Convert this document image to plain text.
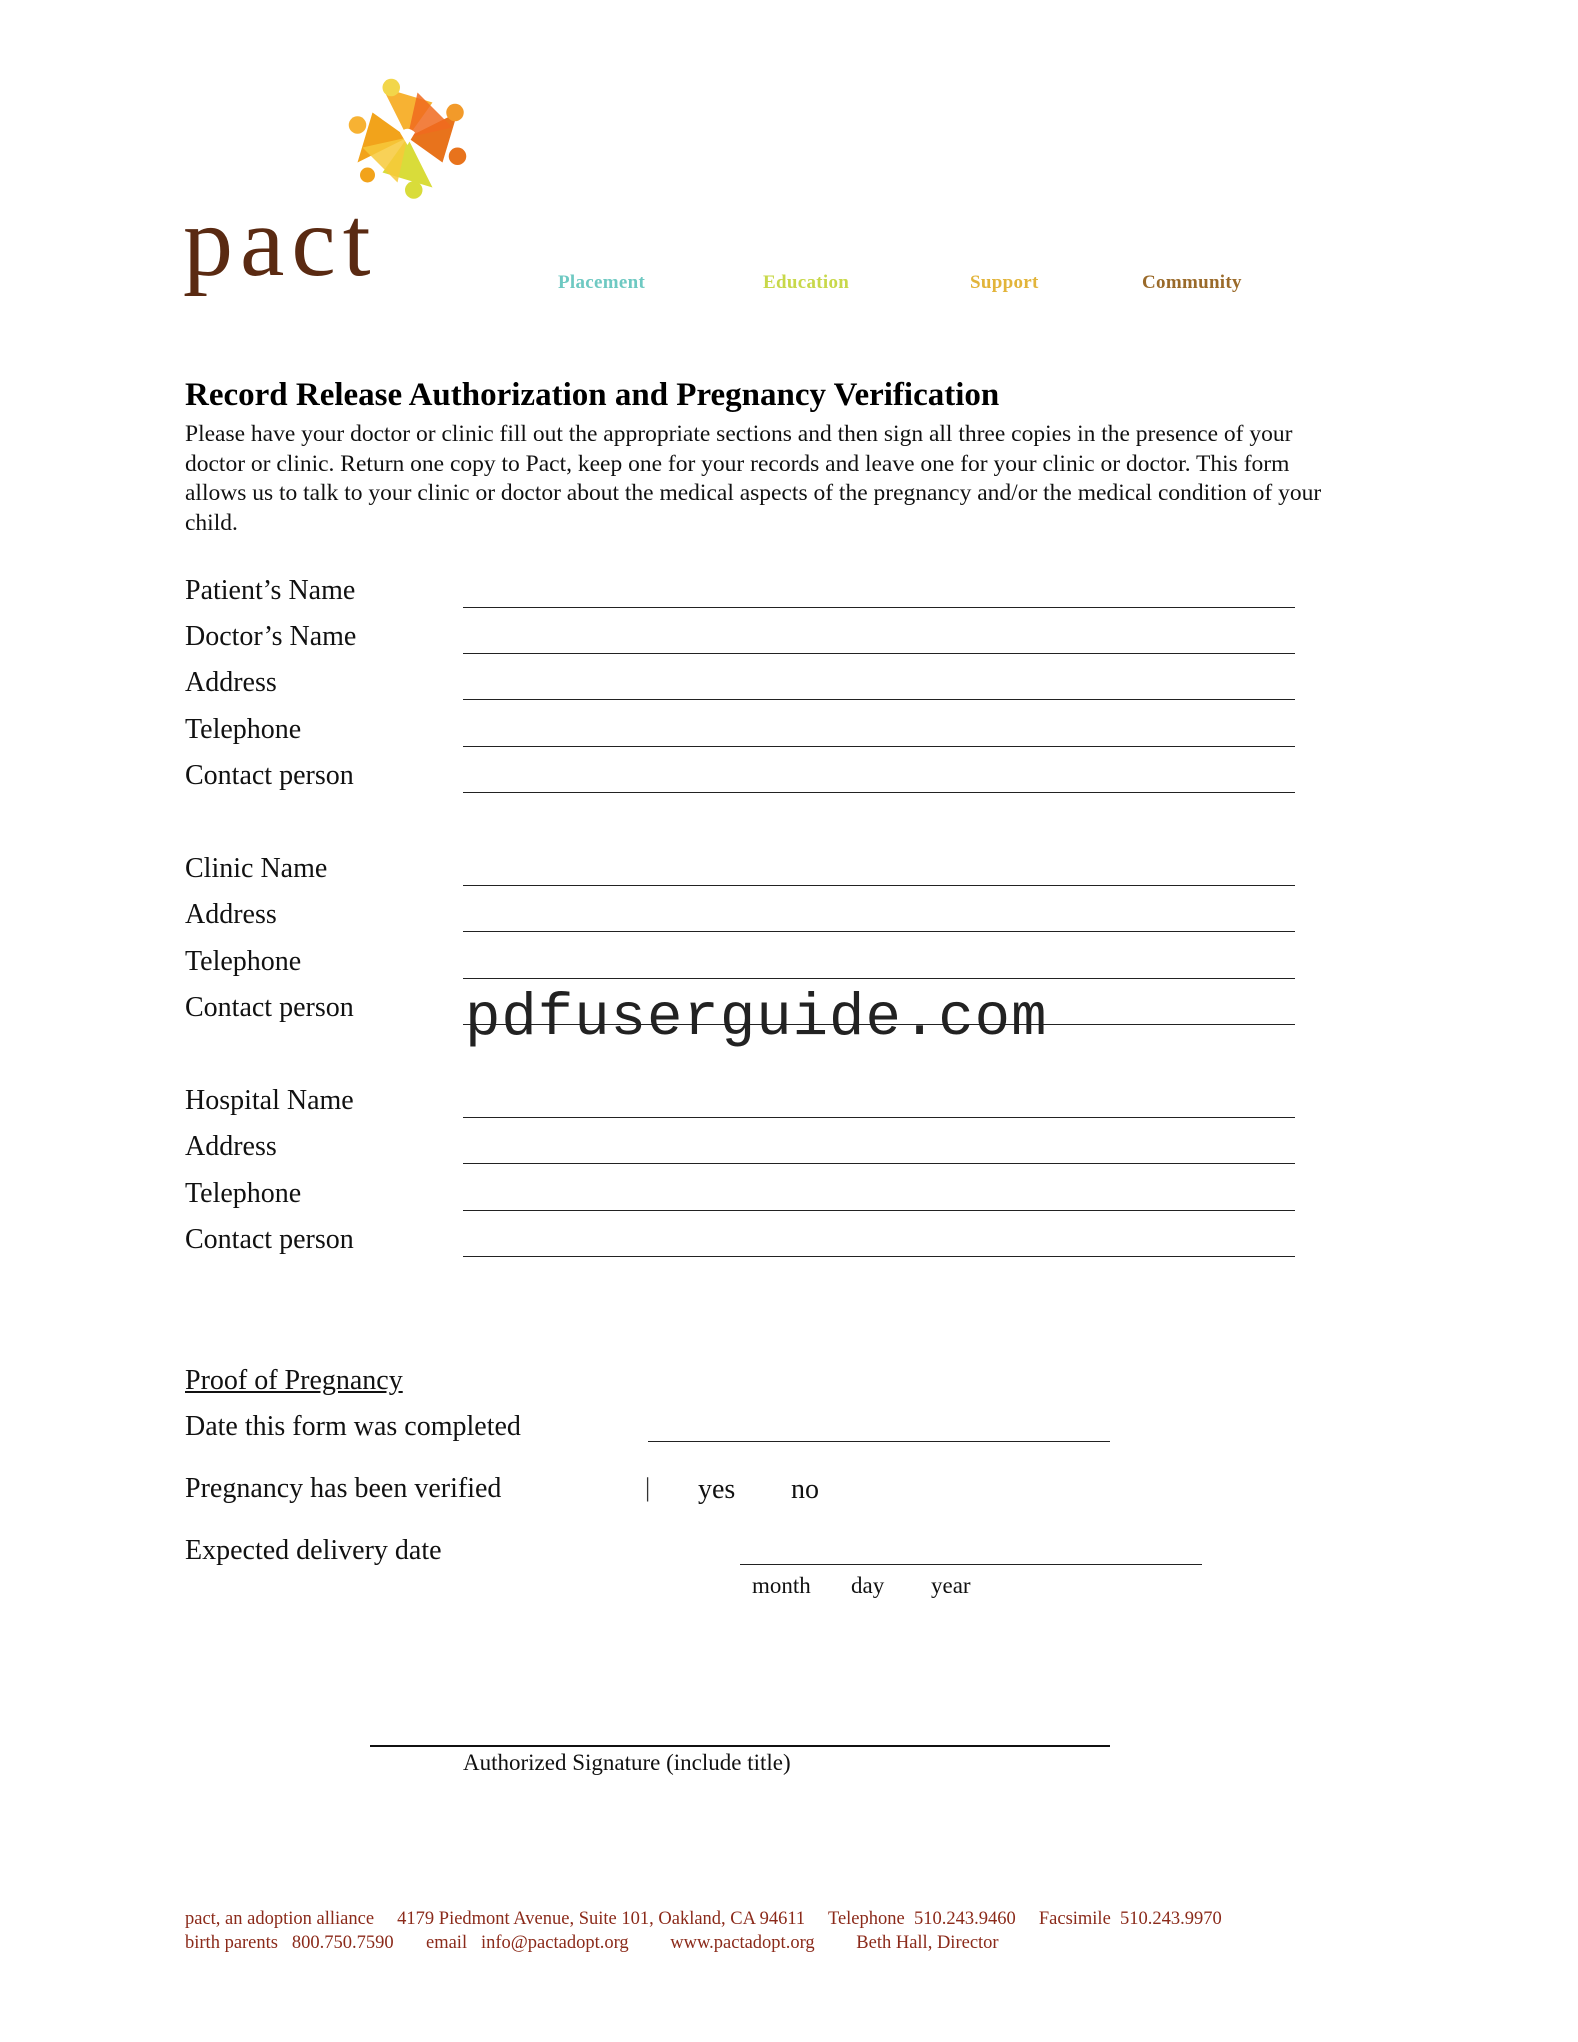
pact	Placement	Education	Support	Community
Record Release Authorization and Pregnancy Verification
Please have your doctor or clinic fill out the appropriate sections and then sign all three copies in the presence of your doctor or clinic. Return one copy to Pact, keep one for your records and leave one for your clinic or doctor. This form allows us to talk to your clinic or doctor about the medical aspects of the pregnancy and/or the medical condition of your child.
Patient’s Name
Doctor’s Name
Address
Telephone
Contact person
Clinic Name
Address
Telephone
Contact person
Hospital Name
Address
Telephone
Contact person
pdfuserguide.com
Proof of Pregnancy
Date this form was completed
Pregnancy has been verified	| yes no
Expected delivery date
month day year
Authorized Signature (include title)
pact, an adoption alliance     4179 Piedmont Avenue, Suite 101, Oakland, CA 94611     Telephone  510.243.9460     Facsimile  510.243.9970
birth parents   800.750.7590       email   info@pactadopt.org         www.pactadopt.org         Beth Hall, Director
